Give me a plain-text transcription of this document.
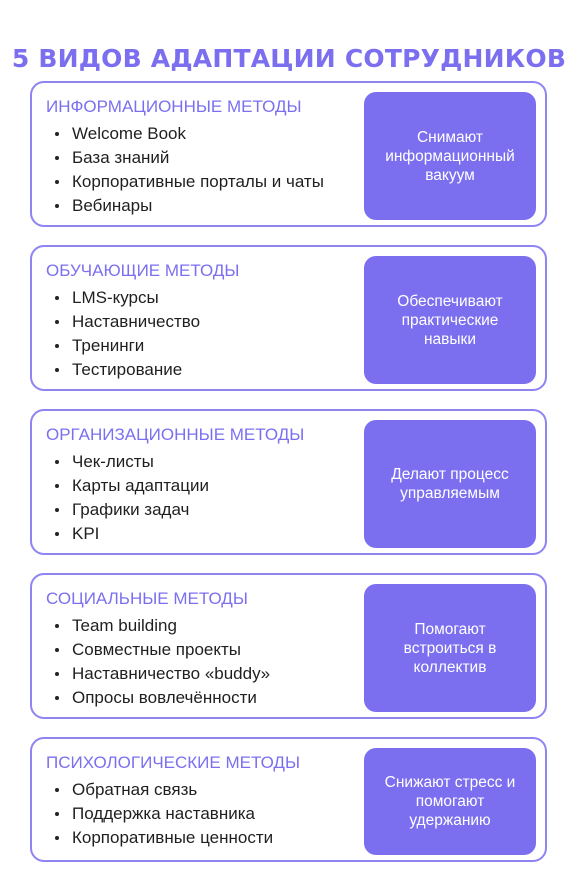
5 ВИДОВ АДАПТАЦИИ СОТРУДНИКОВ
ИНФОРМАЦИОННЫЕ МЕТОДЫ
Welcome Book
База знаний
Корпоративные порталы и чаты
Вебинары
Снимают информационный вакуум
ОБУЧАЮЩИЕ МЕТОДЫ
LMS-курсы
Наставничество
Тренинги
Тестирование
Обеспечивают практические навыки
ОРГАНИЗАЦИОННЫЕ МЕТОДЫ
Чек-листы
Карты адаптации
Графики задач
KPI
Делают процесс управляемым
СОЦИАЛЬНЫЕ МЕТОДЫ
Team building
Совместные проекты
Наставничество «buddy»
Опросы вовлечённости
Помогают встроиться в коллектив
ПСИХОЛОГИЧЕСКИЕ МЕТОДЫ
Обратная связь
Поддержка наставника
Корпоративные ценности
Снижают стресс и помогают удержанию
